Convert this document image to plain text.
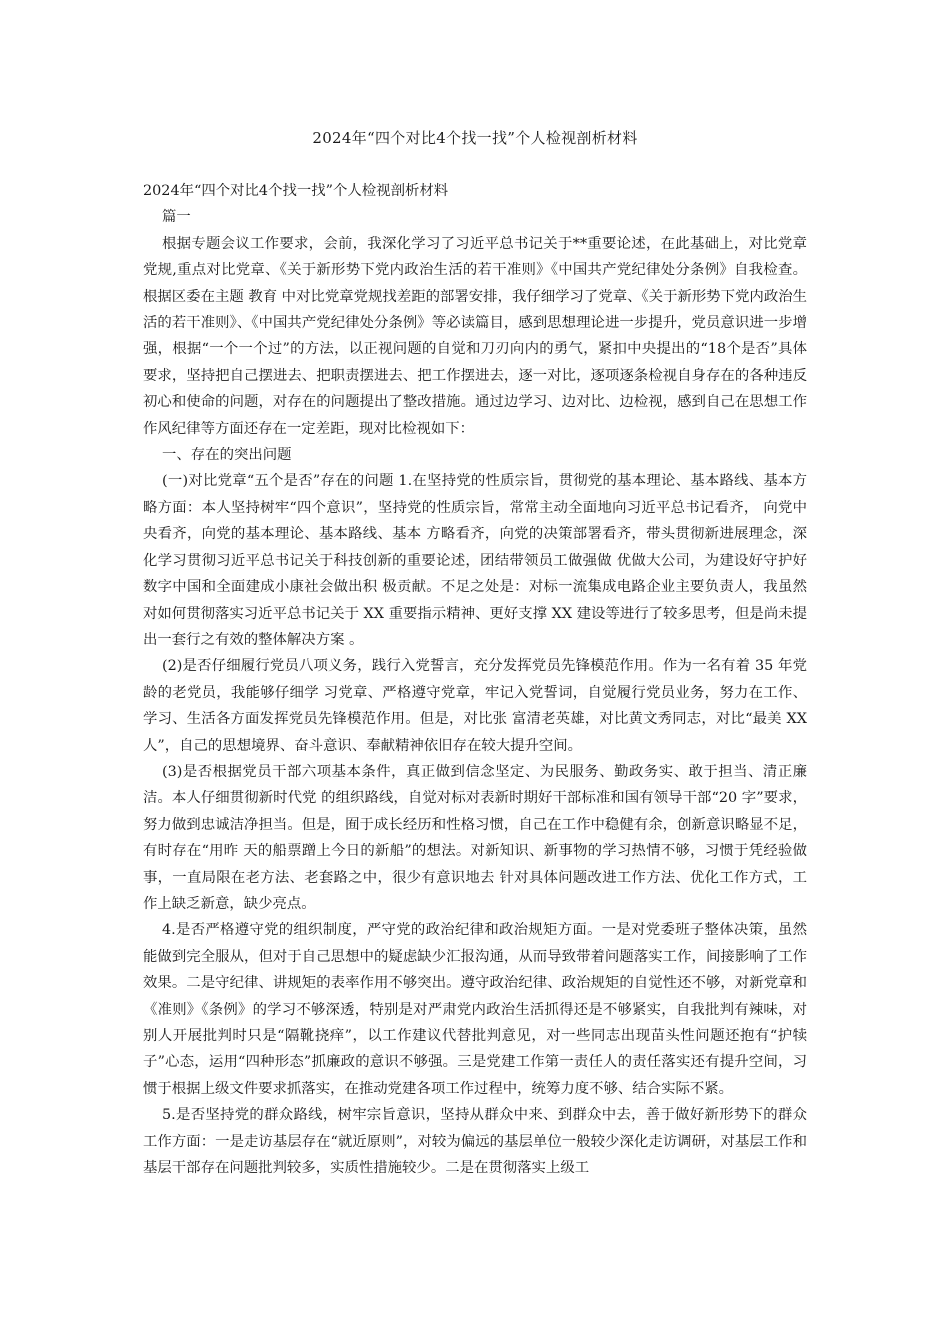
2024年“四个对比4个找一找”个人检视剖析材料

2024年“四个对比4个找一找”个人检视剖析材料

篇一

根据专题会议工作要求，会前，我深化学习了习近平总书记关于**重要论述，在此基础上，对比党章党规,重点对比党章、《关于新形势下党内政治生活的若干准则》《中国共产党纪律处分条例》自我检查。根据区委在主题 教育 中对比党章党规找差距的部署安排，我仔细学习了党章、《关于新形势下党内政治生活的若干准则》、《中国共产党纪律处分条例》等必读篇目，感到思想理论进一步提升，党员意识进一步增强，根据“一个一个过”的方法，以正视问题的自觉和刀刃向内的勇气，紧扣中央提出的“18个是否”具体要求，坚持把自己摆进去、把职责摆进去、把工作摆进去，逐一对比，逐项逐条检视自身存在的各种违反初心和使命的问题，对存在的问题提出了整改措施。通过边学习、边对比、边检视，感到自己在思想工作作风纪律等方面还存在一定差距，现对比检视如下：

一、存在的突出问题

(一)对比党章“五个是否”存在的问题 1.在坚持党的性质宗旨，贯彻党的基本理论、基本路线、基本方略方面：本人坚持树牢“四个意识”，坚持党的性质宗旨，常常主动全面地向习近平总书记看齐， 向党中央看齐，向党的基本理论、基本路线、基本 方略看齐，向党的决策部署看齐，带头贯彻新进展理念，深化学习贯彻习近平总书记关于科技创新的重要论述，团结带领员工做强做 优做大公司，为建设好守护好数字中国和全面建成小康社会做出积 极贡献。不足之处是：对标一流集成电路企业主要负责人，我虽然对如何贯彻落实习近平总书记关于 XX 重要指示精神、更好支撑 XX 建设等进行了较多思考，但是尚未提出一套行之有效的整体解决方案 。

(2)是否仔细履行党员八项义务，践行入党誓言，充分发挥党员先锋模范作用。作为一名有着 35 年党龄的老党员，我能够仔细学 习党章、严格遵守党章，牢记入党誓词，自觉履行党员业务，努力在工作、学习、生活各方面发挥党员先锋模范作用。但是，对比张 富清老英雄，对比黄文秀同志，对比“最美 XX 人”，自己的思想境界、奋斗意识、奉献精神依旧存在较大提升空间。

(3)是否根据党员干部六项基本条件，真正做到信念坚定、为民服务、勤政务实、敢于担当、清正廉洁。本人仔细贯彻新时代党 的组织路线，自觉对标对表新时期好干部标准和国有领导干部“20 字”要求，努力做到忠诚洁净担当。但是，囿于成长经历和性格习惯，自己在工作中稳健有余，创新意识略显不足，有时存在“用昨 天的船票蹭上今日的新船”的想法。对新知识、新事物的学习热情不够，习惯于凭经验做事，一直局限在老方法、老套路之中，很少有意识地去 针对具体问题改进工作方法、优化工作方式，工作上缺乏新意，缺少亮点。

4.是否严格遵守党的组织制度，严守党的政治纪律和政治规矩方面。一是对党委班子整体决策，虽然能做到完全服从，但对于自己思想中的疑虑缺少汇报沟通，从而导致带着问题落实工作，间接影响了工作效果。二是守纪律、讲规矩的表率作用不够突出。遵守政治纪律、政治规矩的自觉性还不够，对新党章和《准则》《条例》的学习不够深透，特别是对严肃党内政治生活抓得还是不够紧实，自我批判有辣味，对别人开展批判时只是“隔靴挠痒”，以工作建议代替批判意见，对一些同志出现苗头性问题还抱有“护犊子”心态，运用“四种形态”抓廉政的意识不够强。三是党建工作第一责任人的责任落实还有提升空间，习惯于根据上级文件要求抓落实，在推动党建各项工作过程中，统筹力度不够、结合实际不紧。

5.是否坚持党的群众路线，树牢宗旨意识，坚持从群众中来、到群众中去，善于做好新形势下的群众工作方面：一是走访基层存在“就近原则”，对较为偏远的基层单位一般较少深化走访调研，对基层工作和基层干部存在问题批判较多，实质性措施较少。二是在贯彻落实上级工
